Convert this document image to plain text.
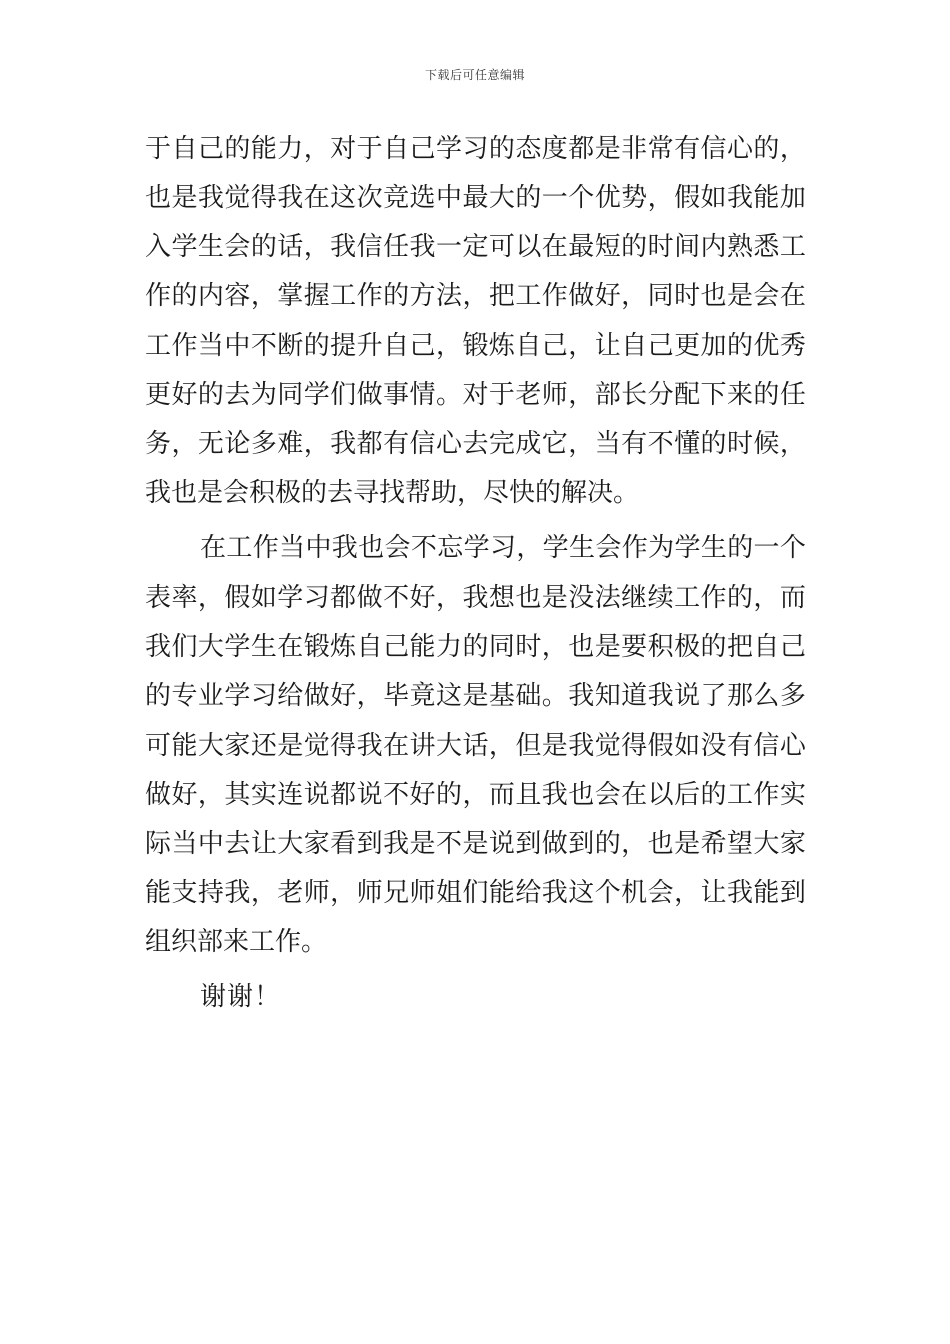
下载后可任意编辑
于 自 己 的 能 力 ， 对 于 自 己 学 习 的 态 度 都 是 非 常 有 信 心 的 ，
也 是 我 觉 得 我 在 这 次 竞 选 中 最 大 的 一 个 优 势 ， 假 如 我 能 加
入 学 生 会 的 话 ， 我 信 任 我 一 定 可 以 在 最 短 的 时 间 内 熟 悉 工
作 的 内 容 ， 掌 握 工 作 的 方 法 ， 把 工 作 做 好 ， 同 时 也 是 会 在
工 作 当 中 不 断 的 提 升 自 己 ， 锻 炼 自 己 ， 让 自 己 更 加 的 优 秀
更 好 的 去 为 同 学 们 做 事 情 。 对 于 老 师 ， 部 长 分 配 下 来 的 任
务 ， 无 论 多 难 ， 我 都 有 信 心 去 完 成 它 ， 当 有 不 懂 的 时 候 ，
我也是会积极的去寻找帮助，尽快的解决。
在 工 作 当 中 我 也 会 不 忘 学 习 ， 学 生 会 作 为 学 生 的 一 个
表 率 ， 假 如 学 习 都 做 不 好 ， 我 想 也 是 没 法 继 续 工 作 的 ， 而
我 们 大 学 生 在 锻 炼 自 己 能 力 的 同 时 ， 也 是 要 积 极 的 把 自 己
的 专 业 学 习 给 做 好 ， 毕 竟 这 是 基 础 。 我 知 道 我 说 了 那 么 多
可 能 大 家 还 是 觉 得 我 在 讲 大 话 ， 但 是 我 觉 得 假 如 没 有 信 心
做 好 ， 其 实 连 说 都 说 不 好 的 ， 而 且 我 也 会 在 以 后 的 工 作 实
际 当 中 去 让 大 家 看 到 我 是 不 是 说 到 做 到 的 ， 也 是 希 望 大 家
能 支 持 我 ， 老 师 ， 师 兄 师 姐 们 能 给 我 这 个 机 会 ， 让 我 能 到
组织部来工作。
谢谢！
